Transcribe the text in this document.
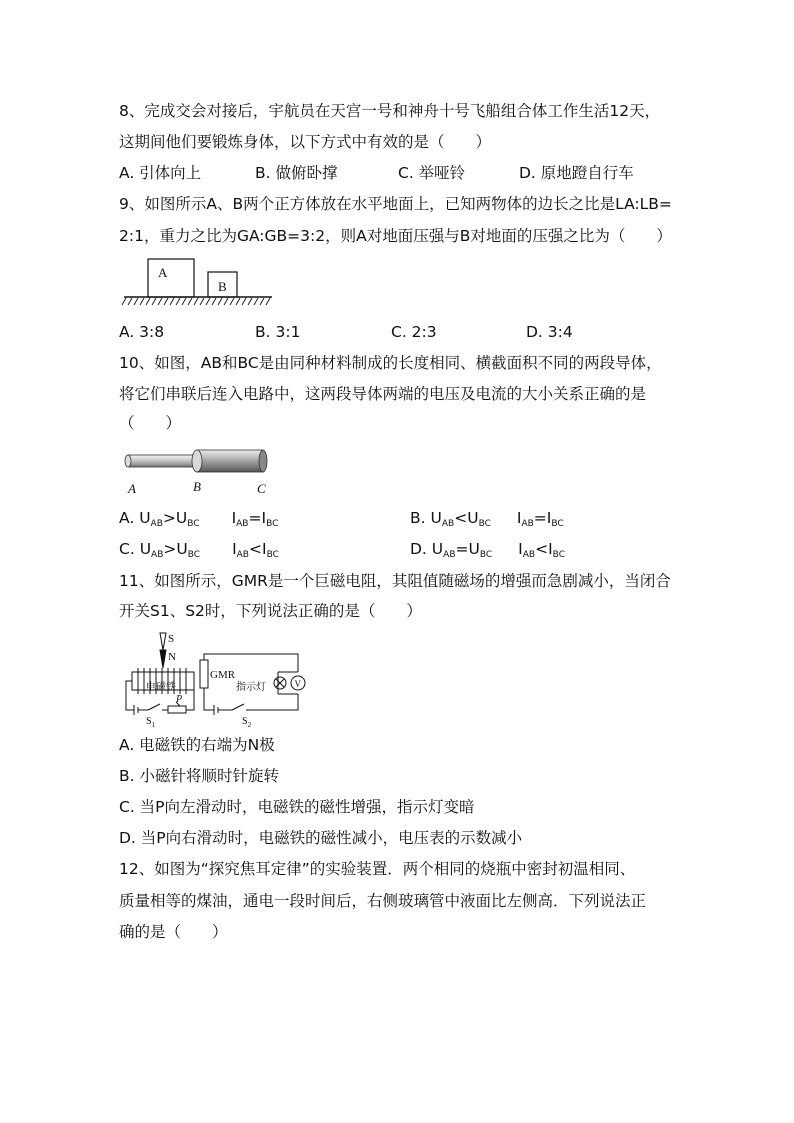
8、完成交会对接后，宇航员在天宫一号和神舟十号飞船组合体工作生活12天，
这期间他们要锻炼身体，以下方式中有效的是（　　）
A. 引体向上	B. 做俯卧撑	C. 举哑铃	D. 原地蹬自行车
9、如图所示A、B两个正方体放在水平地面上，已知两物体的边长之比是LA:LB=
2:1，重力之比为GA:GB=3:2，则A对地面压强与B对地面的压强之比为（　　）
A
B
A. 3:8	B. 3:1	C. 2:3	D. 3:4
10、如图，AB和BC是由同种材料制成的长度相同、横截面积不同的两段导体，
将它们串联后连入电路中，这两段导体两端的电压及电流的大小关系正确的是
（　　）
A	B	C
A. $U_{AB}>U_{BC}$ $I_{AB}=I_{BC}$	B. $U_{AB}<U_{BC}$ $I_{AB}=I_{BC}$
C. $U_{AB}>U_{BC}$ $I_{AB}<I_{BC}$	D. $U_{AB}=U_{BC}$ $I_{AB}<I_{BC}$
11、如图所示，GMR是一个巨磁电阻，其阻值随磁场的增强而急剧减小，当闭合
开关S1、S2时，下列说法正确的是（　　）
S
N
电磁铁
GMR
指示灯
P
$S_1$	$S_2$
V
A. 电磁铁的右端为N极
B. 小磁针将顺时针旋转
C. 当P向左滑动时，电磁铁的磁性增强，指示灯变暗
D. 当P向右滑动时，电磁铁的磁性减小，电压表的示数减小
12、如图为“探究焦耳定律”的实验装置．两个相同的烧瓶中密封初温相同、
质量相等的煤油，通电一段时间后，右侧玻璃管中液面比左侧高．下列说法正
确的是（　　）
